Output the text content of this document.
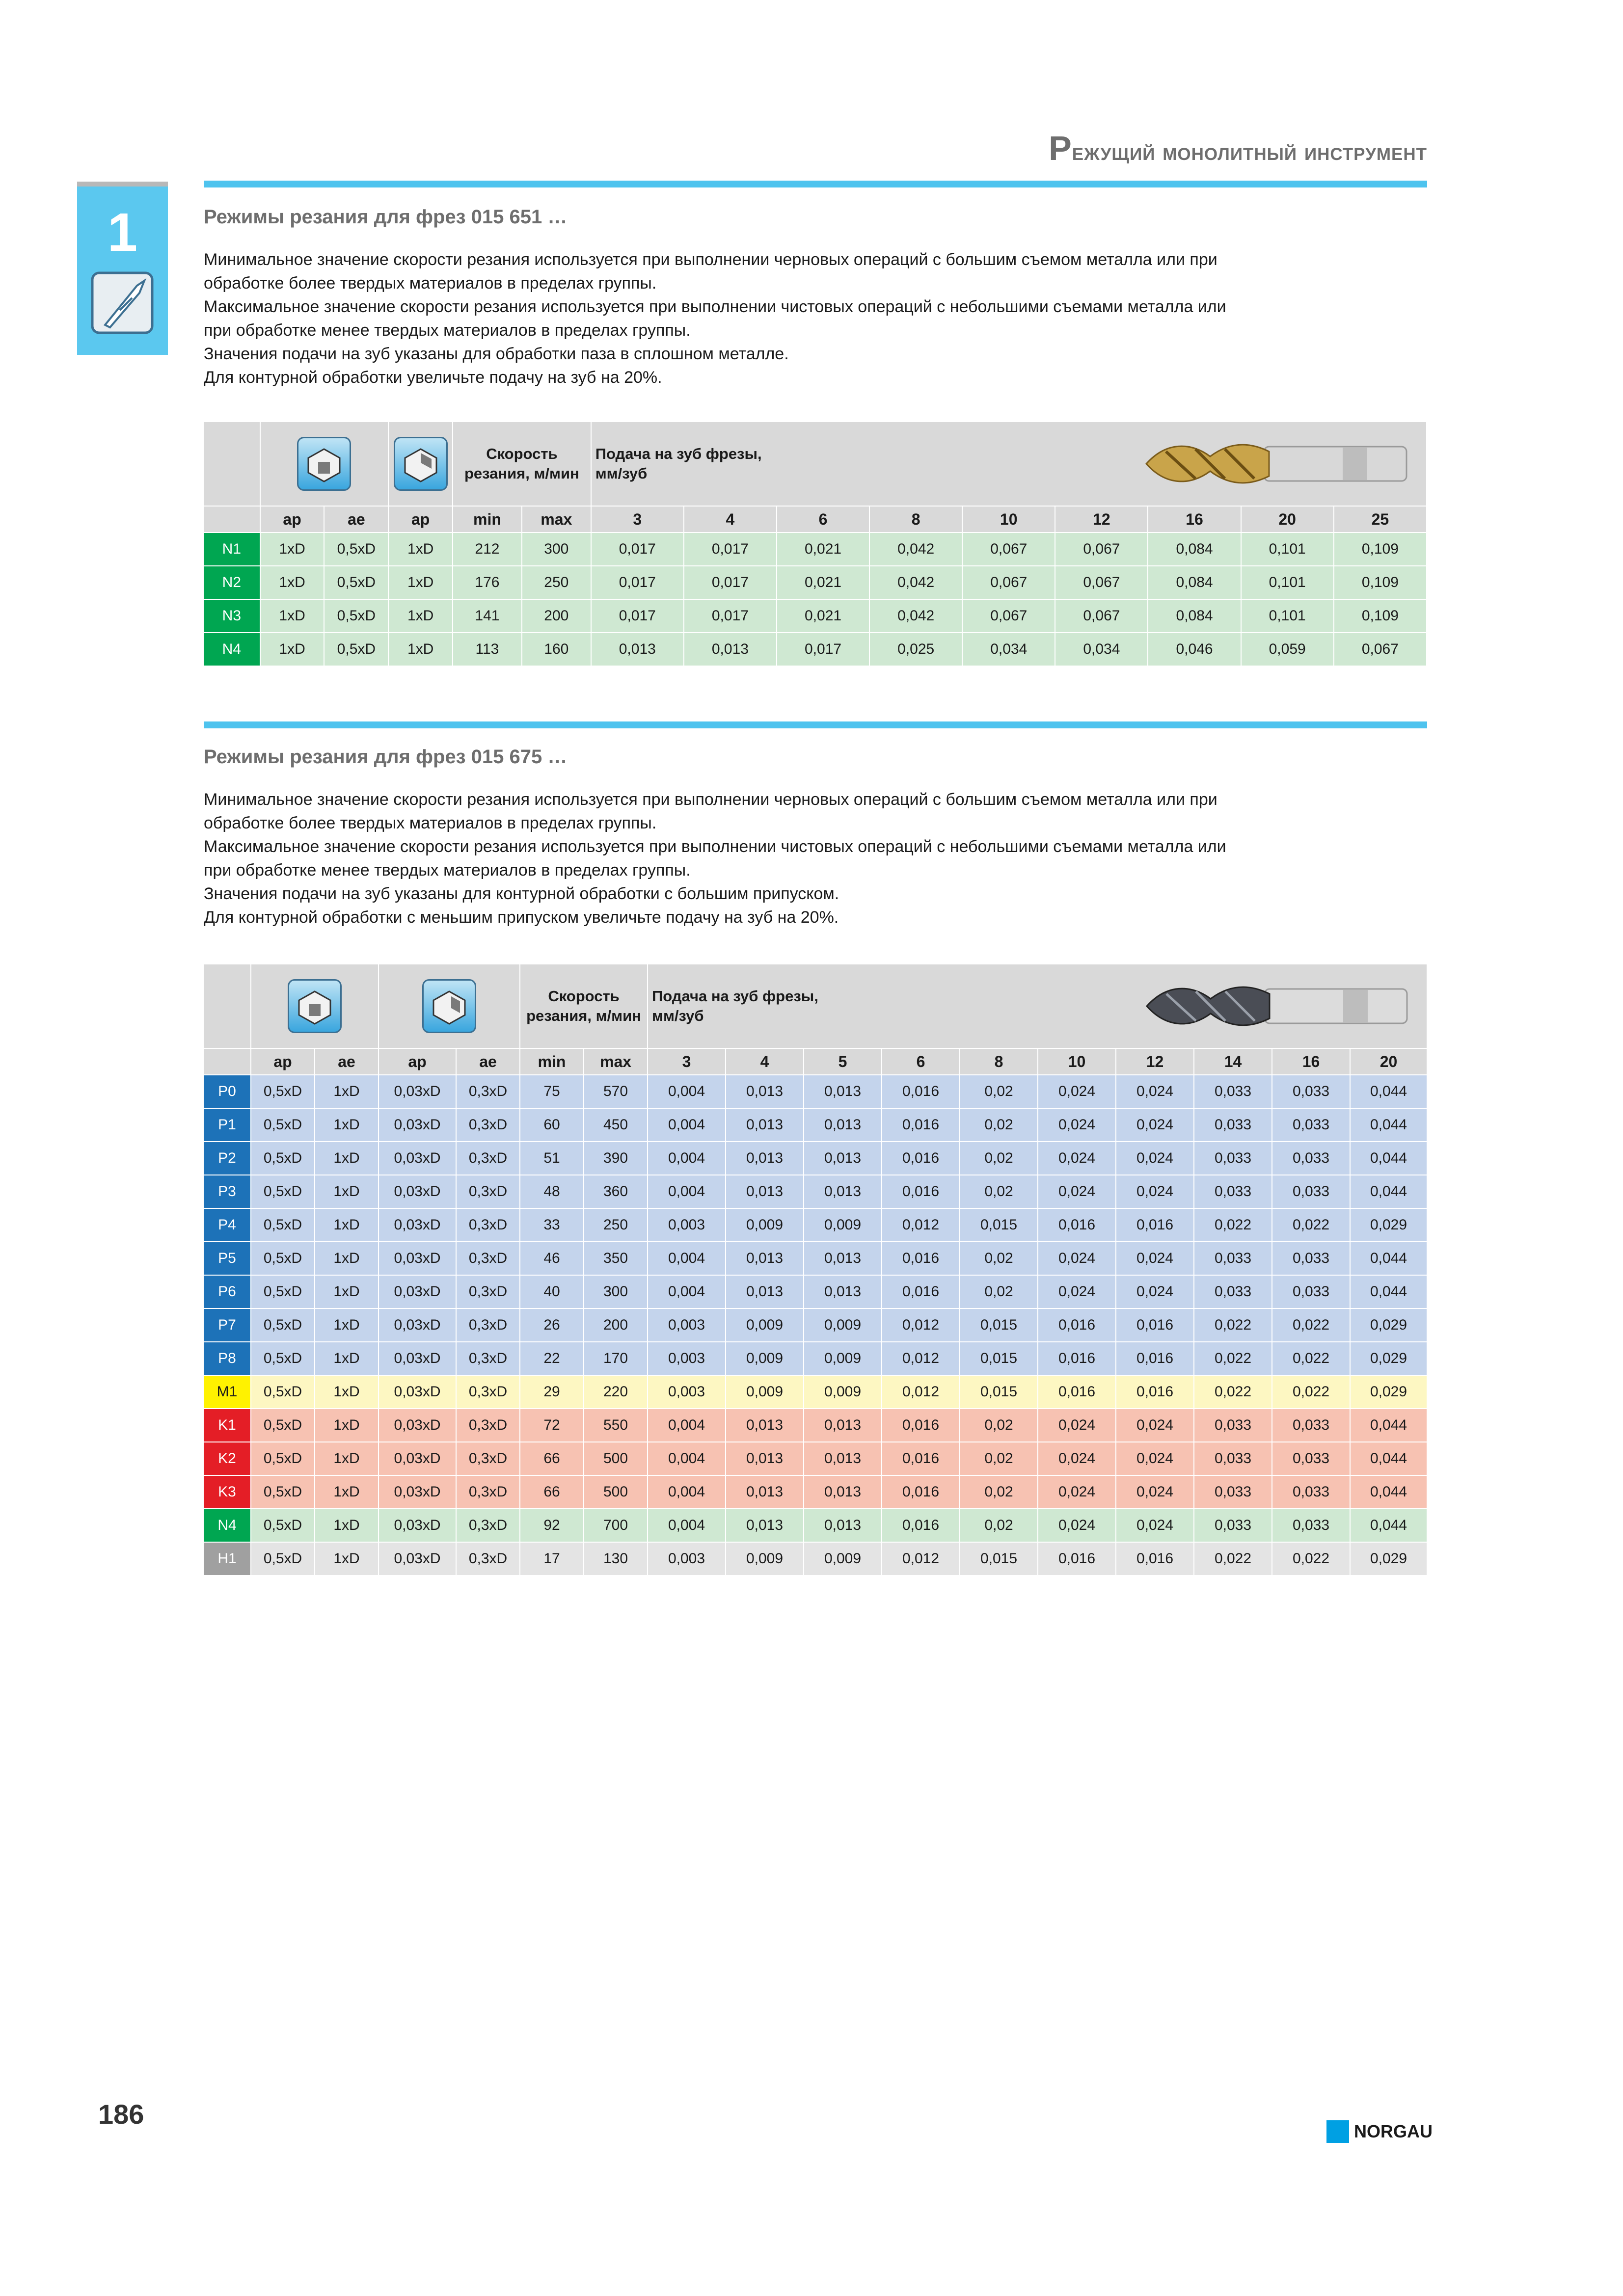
Режущий монолитный инструмент
1	Режимы резания для фрез 015 651 …

Минимальное значение скорости резания используется при выполнении черновых операций с большим съемом металла или при

обработке более твердых материалов в пределах группы.

Максимальное значение скорости резания используется при выполнении чистовых операций с небольшими съемами металла или

при обработке менее твердых материалов в пределах группы.

Значения подачи на зуб указаны для обработки паза в сплошном металле.

Для контурной обработки увеличьте подачу на зуб на 20%.

	Скорость резания, м/мин		Подача на зуб фрезы, мм/зуб								

	ap	ae	ap	min	max	3	4	6	8	10	12	16	20	25
N1	1xD	0,5xD	1xD	212	300	0,017	0,017	0,021	0,042	0,067	0,067	0,084	0,101	0,109
N2	1xD	0,5xD	1xD	176	250	0,017	0,017	0,021	0,042	0,067	0,067	0,084	0,101	0,109
N3	1xD	0,5xD	1xD	141	200	0,017	0,017	0,021	0,042	0,067	0,067	0,084	0,101	0,109
N4	1xD	0,5xD	1xD	113	160	0,013	0,013	0,017	0,025	0,034	0,034	0,046	0,059	0,067
Режимы резания для фрез 015 675 …

Минимальное значение скорости резания используется при выполнении черновых операций с большим съемом металла или при

обработке более твердых материалов в пределах группы.

Максимальное значение скорости резания используется при выполнении чистовых операций с небольшими съемами металла или

при обработке менее твердых материалов в пределах группы.

Значения подачи на зуб указаны для контурной обработки с большим припуском.

Для контурной обработки с меньшим припуском увеличьте подачу на зуб на 20%.

	Скорость резания, м/мин		Подача на зуб фрезы, мм/зуб									

	ap	ae	ap	ae	min	max	3	4	5	6	8	10	12	14	16	20
P0	0,5xD	1xD	0,03xD	0,3xD	75	570	0,004	0,013	0,013	0,016	0,02	0,024	0,024	0,033	0,033	0,044
P1	0,5xD	1xD	0,03xD	0,3xD	60	450	0,004	0,013	0,013	0,016	0,02	0,024	0,024	0,033	0,033	0,044
P2	0,5xD	1xD	0,03xD	0,3xD	51	390	0,004	0,013	0,013	0,016	0,02	0,024	0,024	0,033	0,033	0,044
P3	0,5xD	1xD	0,03xD	0,3xD	48	360	0,004	0,013	0,013	0,016	0,02	0,024	0,024	0,033	0,033	0,044
P4	0,5xD	1xD	0,03xD	0,3xD	33	250	0,003	0,009	0,009	0,012	0,015	0,016	0,016	0,022	0,022	0,029
P5	0,5xD	1xD	0,03xD	0,3xD	46	350	0,004	0,013	0,013	0,016	0,02	0,024	0,024	0,033	0,033	0,044
P6	0,5xD	1xD	0,03xD	0,3xD	40	300	0,004	0,013	0,013	0,016	0,02	0,024	0,024	0,033	0,033	0,044
P7	0,5xD	1xD	0,03xD	0,3xD	26	200	0,003	0,009	0,009	0,012	0,015	0,016	0,016	0,022	0,022	0,029
P8	0,5xD	1xD	0,03xD	0,3xD	22	170	0,003	0,009	0,009	0,012	0,015	0,016	0,016	0,022	0,022	0,029
M1	0,5xD	1xD	0,03xD	0,3xD	29	220	0,003	0,009	0,009	0,012	0,015	0,016	0,016	0,022	0,022	0,029
K1	0,5xD	1xD	0,03xD	0,3xD	72	550	0,004	0,013	0,013	0,016	0,02	0,024	0,024	0,033	0,033	0,044
K2	0,5xD	1xD	0,03xD	0,3xD	66	500	0,004	0,013	0,013	0,016	0,02	0,024	0,024	0,033	0,033	0,044
K3	0,5xD	1xD	0,03xD	0,3xD	66	500	0,004	0,013	0,013	0,016	0,02	0,024	0,024	0,033	0,033	0,044
N4	0,5xD	1xD	0,03xD	0,3xD	92	700	0,004	0,013	0,013	0,016	0,02	0,024	0,024	0,033	0,033	0,044
H1	0,5xD	1xD	0,03xD	0,3xD	17	130	0,003	0,009	0,009	0,012	0,015	0,016	0,016	0,022	0,022	0,029
186
NORGAU
